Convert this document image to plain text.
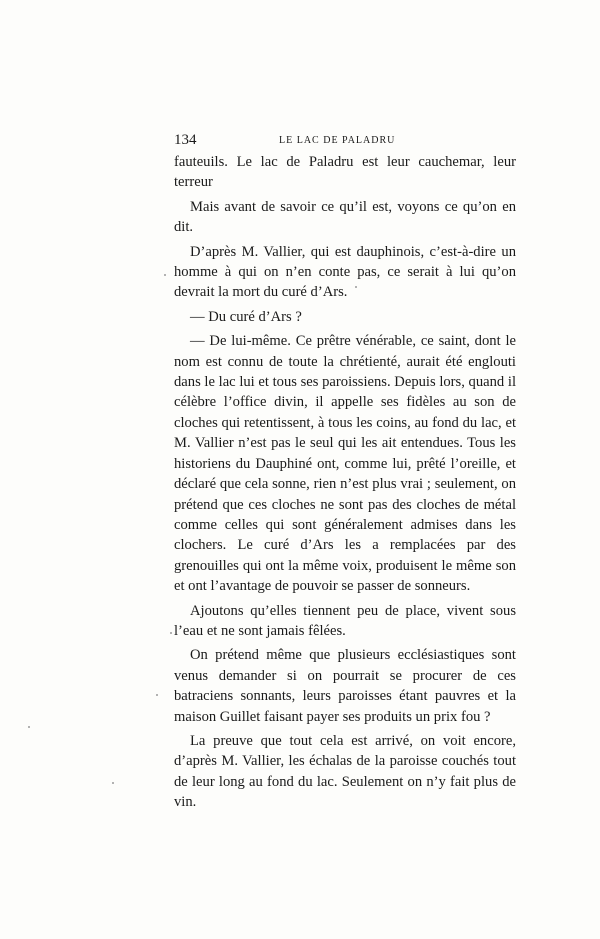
134	LE LAC DE PALADRU

fauteuils. Le lac de Paladru est leur cauchemar, leur terreur

Mais avant de savoir ce qu’il est, voyons ce qu’on en dit.

D’après M. Vallier, qui est dauphinois, c’est-à-dire un homme à qui on n’en conte pas, ce serait à lui qu’on devrait la mort du curé d’Ars.

— Du curé d’Ars ?

— De lui-même. Ce prêtre vénérable, ce saint, dont le nom est connu de toute la chrétienté, aurait été englouti dans le lac lui et tous ses paroissiens. Depuis lors, quand il célèbre l’office divin, il appelle ses fidèles au son de cloches qui retentissent, à tous les coins, au fond du lac, et M. Vallier n’est pas le seul qui les ait entendues. Tous les historiens du Dauphiné ont, comme lui, prêté l’oreille, et déclaré que cela sonne, rien n’est plus vrai ; seulement, on prétend que ces cloches ne sont pas des cloches de métal comme celles qui sont généralement admises dans les clochers. Le curé d’Ars les a remplacées par des grenouilles qui ont la même voix, produisent le même son et ont l’avantage de pouvoir se passer de sonneurs.

Ajoutons qu’elles tiennent peu de place, vivent sous l’eau et ne sont jamais fêlées.

On prétend même que plusieurs ecclésiastiques sont venus demander si on pourrait se procurer de ces batraciens sonnants, leurs paroisses étant pauvres et la maison Guillet faisant payer ses produits un prix fou ?

La preuve que tout cela est arrivé, on voit encore, d’après M. Vallier, les échalas de la paroisse couchés tout de leur long au fond du lac. Seulement on n’y fait plus de vin.
